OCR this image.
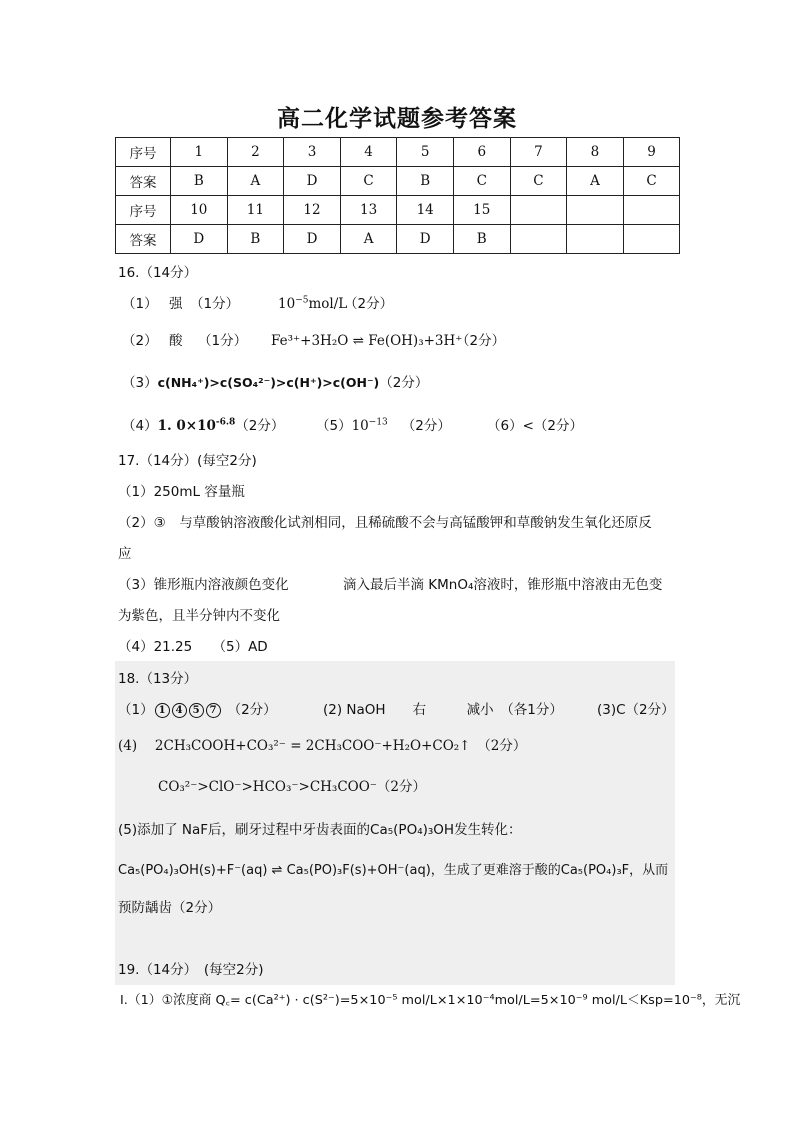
高二化学试题参考答案
序号	1	2	3	4	5	6	7	8	9
答案	B	A	D	C	B	C	C	A	C
序号	10	11	12	13	14	15			
答案	D	B	D	A	D	B			
16.（14分）
（1） 强 （1分）	$10^{-5}mol/L$
（2分）
（2） 酸 （1分） Fe³⁺+3H₂O ⇌ Fe(OH)₃+3H⁺
（2分）
（3）c(NH₄⁺)>c(SO₄²⁻)>c(H⁺)>c(OH⁻)（2分）
（4）1. $0\times 10^{-6.8}(2$分） $(5)10^{-13}$ （2分）	（6）<（2分）
17.（14分）(每空2分)
（1）250mL 容量瓶
（2）③　与草酸钠溶液酸化试剂相同，且稀硫酸不会与高锰酸钾和草酸钠发生氧化还原反
应
（3）锥形瓶内溶液颜色变化	滴入最后半滴 KMnO₄溶液时，锥形瓶中溶液由无色变
为紫色，且半分钟内不变化
（4）21.25　　（5）AD
18.（13分）
（1） 1 4 5 7 （2分）	(2) NaOH　　右　　　减小　（各1分）	(3)C（2分）
(4)　 2CH₃COOH+CO₃²⁻ = 2CH₃COO⁻+H₂O+CO₂↑　（2分）
CO₃²⁻>ClO⁻>HCO₃⁻>CH₃COO⁻（2分）
(5)添加了 NaF后，刷牙过程中牙齿表面的Ca₅(PO₄)₃OH发生转化：
Ca₅(PO₄)₃OH(s)+F⁻(aq) ⇌ Ca₅(PO)₃F(s)+OH⁻(aq)，生成了更难溶于酸的Ca₅(PO₄)₃F，从而
预防龋齿（2分）
19.（14分）　(每空2分)
Ⅰ.（1）①浓度商 Q꜀= c(Ca²⁺) · c(S²⁻)=5×10⁻⁵ mol/L×1×10⁻⁴mol/L=5×10⁻⁹ mol/L＜Ksp=10⁻⁸，无沉
